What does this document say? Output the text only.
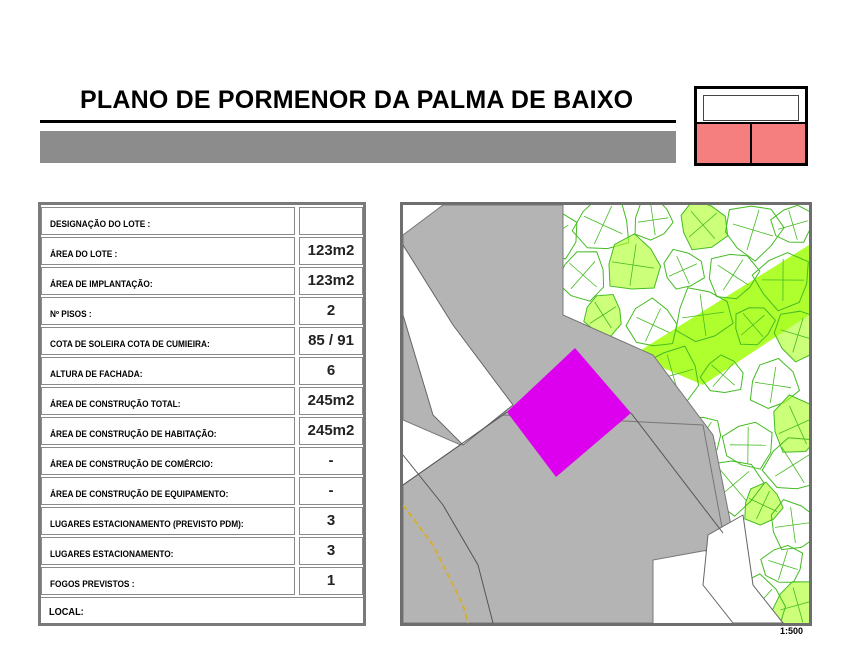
PLANO DE PORMENOR DA PALMA DE BAIXO
DESIGNAÇÃO DO LOTE :
ÁREA DO LOTE :	123m2
ÁREA DE IMPLANTAÇÃO:	123m2
Nº PISOS :	2
COTA DE SOLEIRA COTA DE CUMIEIRA:	85 / 91
ALTURA DE FACHADA:	6
ÁREA DE CONSTRUÇÃO TOTAL:	245m2
ÁREA DE CONSTRUÇÃO DE HABITAÇÃO:	245m2
ÁREA DE CONSTRUÇÃO DE COMÉRCIO:	-
ÁREA DE CONSTRUÇÃO DE EQUIPAMENTO:	-
LUGARES ESTACIONAMENTO (PREVISTO PDM):	3
LUGARES ESTACIONAMENTO:	3
FOGOS PREVISTOS :	1
LOCAL:
1:500
